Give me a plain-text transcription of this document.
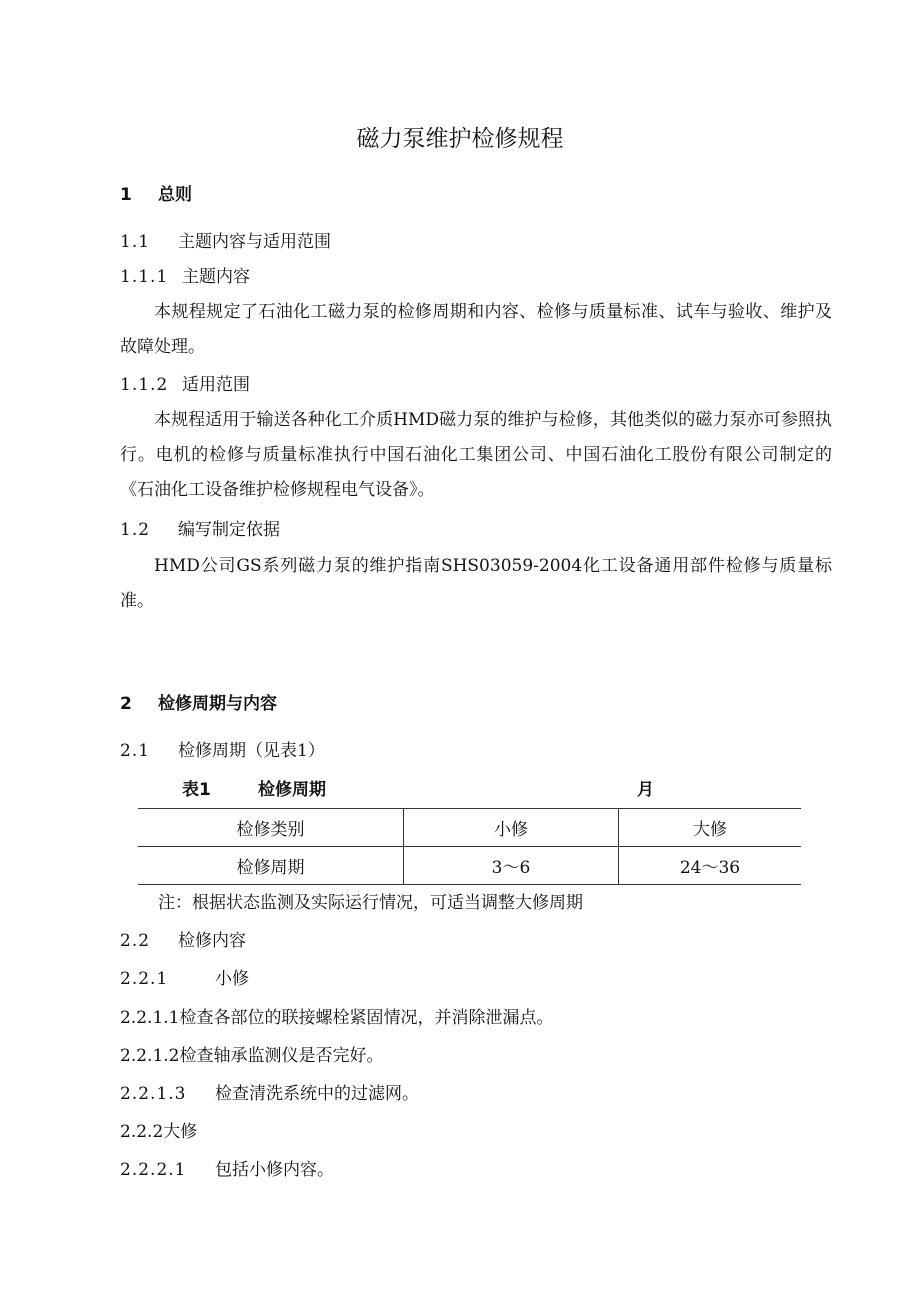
磁力泵维护检修规程
1 总则
1.1 主题内容与适用范围
1.1.1 主题内容
本规程规定了石油化工磁力泵的检修周期和内容、检修与质量标准、试车与验收、维护及故障处理。
1.1.2 适用范围
本规程适用于输送各种化工介质HMD磁力泵的维护与检修，其他类似的磁力泵亦可参照执行。电机的检修与质量标准执行中国石油化工集团公司、中国石油化工股份有限公司制定的《石油化工设备维护检修规程电气设备》。
1.2 编写制定依据
HMD公司GS系列磁力泵的维护指南SHS03059-2004化工设备通用部件检修与质量标准。
2 检修周期与内容
2.1 检修周期（见表1）
表1	检修周期	月
检修类别	小修	大修
检修周期	3～6	24～36
注：根据状态监测及实际运行情况，可适当调整大修周期
2.2 检修内容
2.2.1	小修
2.2.1.1检查各部位的联接螺栓紧固情况，并消除泄漏点。
2.2.1.2检查轴承监测仪是否完好。
2.2.1.3 检查清洗系统中的过滤网。
2.2.2大修
2.2.2.1 包括小修内容。
